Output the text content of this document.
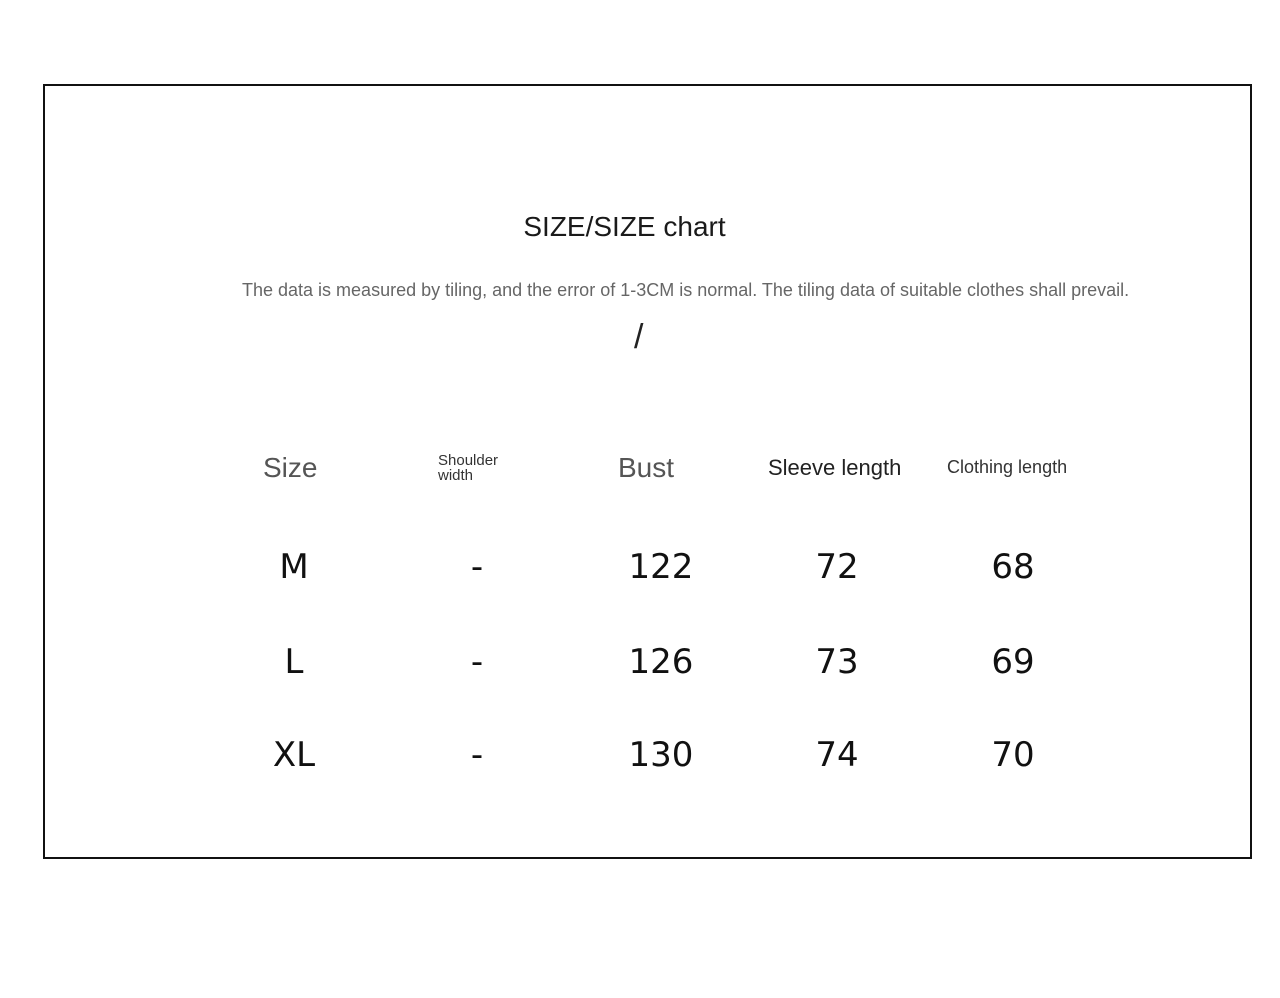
SIZE/SIZE chart
The data is measured by tiling, and the error of 1-3CM is normal. The tiling data of suitable clothes shall prevail.
/
Size	Shoulder width	Bust	Sleeve length	Clothing length
M	-	122	72	68
L	-	126	73	69
XL	-	130	74	70
